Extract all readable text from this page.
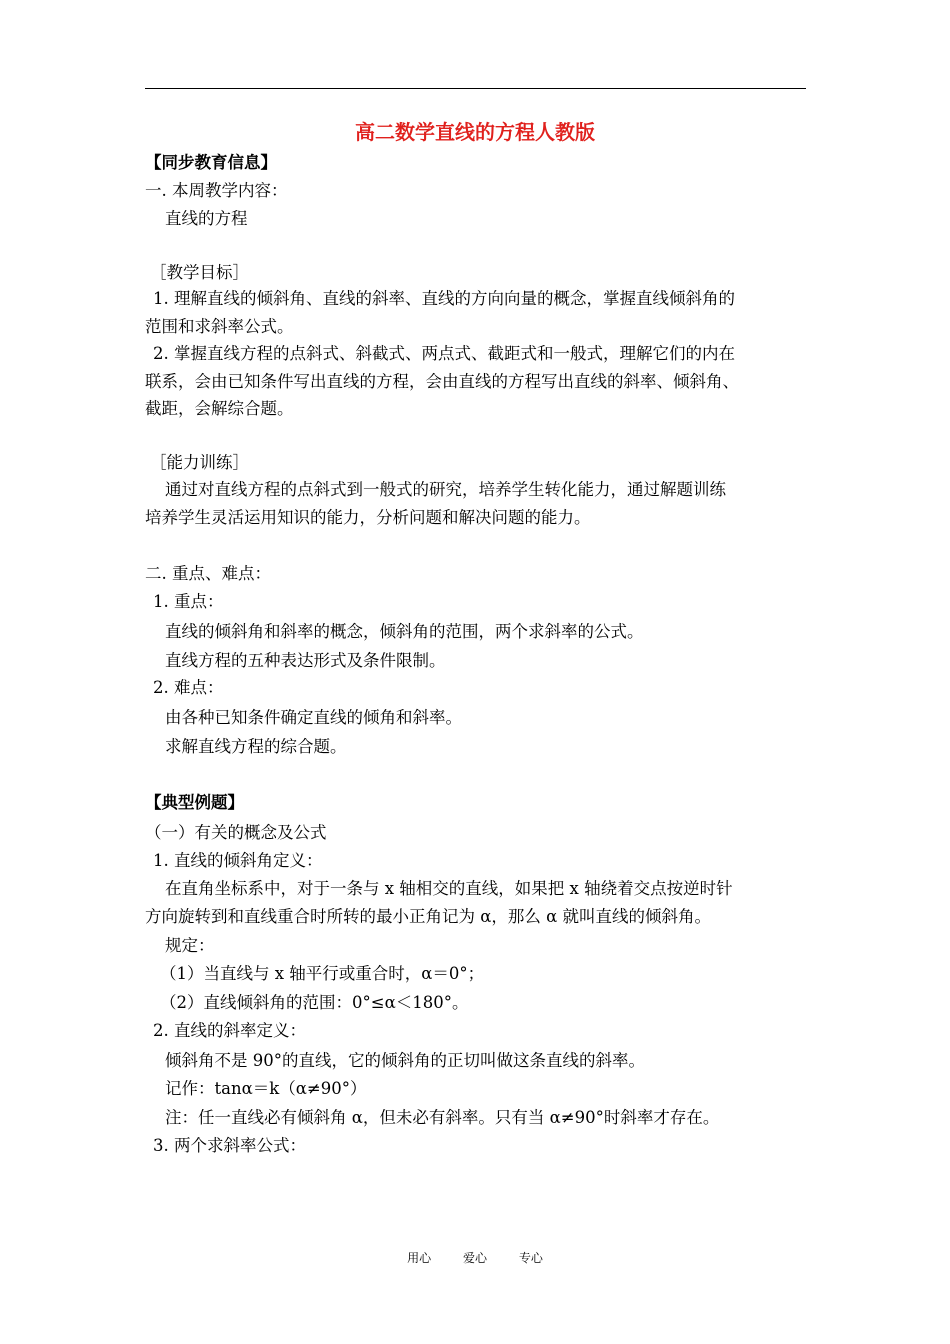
高二数学直线的方程人教版
【同步教育信息】
一. 本周教学内容：
直线的方程
［教学目标］
1. 理解直线的倾斜角、直线的斜率、直线的方向向量的概念，掌握直线倾斜角的
范围和求斜率公式。
2. 掌握直线方程的点斜式、斜截式、两点式、截距式和一般式，理解它们的内在
联系，会由已知条件写出直线的方程，会由直线的方程写出直线的斜率、倾斜角、
截距，会解综合题。
［能力训练］
通过对直线方程的点斜式到一般式的研究，培养学生转化能力，通过解题训练
培养学生灵活运用知识的能力，分析问题和解决问题的能力。
二. 重点、难点：
1. 重点：
直线的倾斜角和斜率的概念，倾斜角的范围，两个求斜率的公式。
直线方程的五种表达形式及条件限制。
2. 难点：
由各种已知条件确定直线的倾角和斜率。
求解直线方程的综合题。
【典型例题】
（一）有关的概念及公式
1. 直线的倾斜角定义：
在直角坐标系中，对于一条与 x 轴相交的直线，如果把 x 轴绕着交点按逆时针
方向旋转到和直线重合时所转的最小正角记为 α，那么 α 就叫直线的倾斜角。
规定：
（1）当直线与 x 轴平行或重合时，α＝0°；
（2）直线倾斜角的范围：0°≤α＜180°。
2. 直线的斜率定义：
倾斜角不是 90°的直线，它的倾斜角的正切叫做这条直线的斜率。
记作：tanα＝k（α≠90°）
注：任一直线必有倾斜角 α，但未必有斜率。只有当 α≠90°时斜率才存在。
3. 两个求斜率公式：
用心	爱心	专心
